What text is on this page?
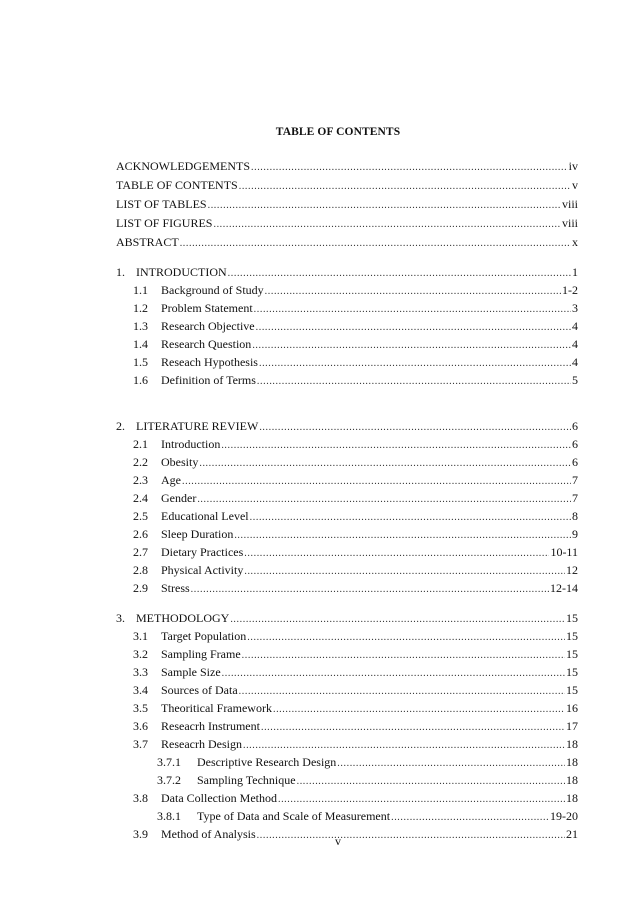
TABLE OF CONTENTS
ACKNOWLEDGEMENTS .....	iv
TABLE OF CONTENTS .....	v
LIST OF TABLES .....	viii
LIST OF FIGURES .....	viii
ABSTRACT .....	x
1. INTRODUCTION .....	1
1.1	Background of Study .....	1-2
1.2	Problem Statement .....	3
1.3	Research Objective .....	4
1.4	Research Question .....	4
1.5	Reseach Hypothesis .....	4
1.6	Definition of Terms .....	5
2. LITERATURE REVIEW .....	6
2.1	Introduction .....	6
2.2	Obesity .....	6
2.3	Age .....	7
2.4	Gender .....	7
2.5	Educational Level .....	8
2.6	Sleep Duration .....	9
2.7	Dietary Practices .....	10-11
2.8	Physical Activity .....	12
2.9	Stress .....	12-14
3. METHODOLOGY .....	15
3.1	Target Population .....	15
3.2	Sampling Frame .....	15
3.3	Sample Size .....	15
3.4	Sources of Data .....	15
3.5	Theoritical Framework .....	16
3.6	Reseacrh Instrument .....	17
3.7	Reseacrh Design .....	18
3.7.1	Descriptive Research Design .....	18
3.7.2	Sampling Technique .....	18
3.8	Data Collection Method .....	18
3.8.1	Type of Data and Scale of Measurement .....	19-20
3.9	Method of Analysis .....	21
v
